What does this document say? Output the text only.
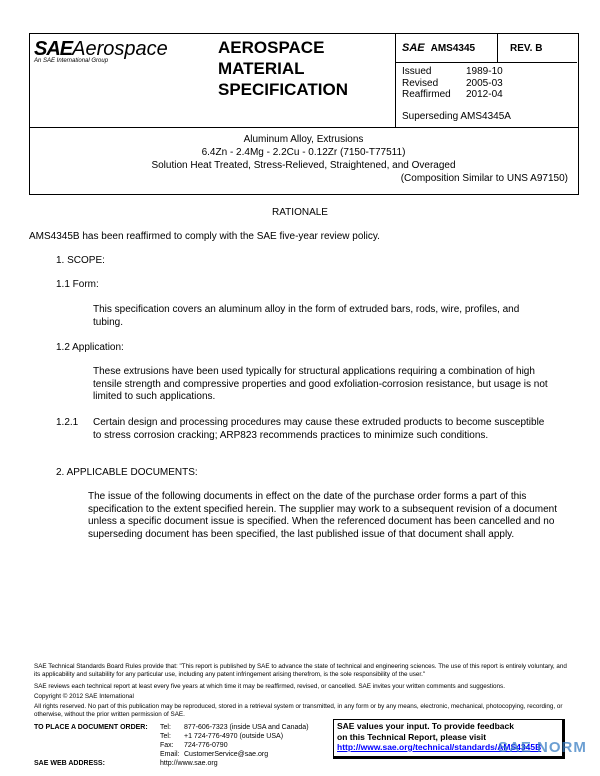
SAEAerospace
An SAE International Group
AEROSPACE
MATERIAL
SPECIFICATION
SAE AMS4345	REV. B
Issued	1989-10
Revised	2005-03
Reaffirmed 2012-04
Superseding AMS4345A
Aluminum Alloy, Extrusions
6.4Zn - 2.4Mg - 2.2Cu - 0.12Zr (7150-T77511)
Solution Heat Treated, Stress-Relieved, Straightened, and Overaged
(Composition Similar to UNS A97150)
RATIONALE
AMS4345B has been reaffirmed to comply with the SAE five-year review policy.
1. SCOPE:
1.1 Form:
This specification covers an aluminum alloy in the form of extruded bars, rods, wire, profiles, and tubing.
1.2 Application:
These extrusions have been used typically for structural applications requiring a combination of high tensile strength and compressive properties and good exfoliation-corrosion resistance, but usage is not limited to such applications.
1.2.1 Certain design and processing procedures may cause these extruded products to become susceptible to stress corrosion cracking; ARP823 recommends practices to minimize such conditions.
2. APPLICABLE DOCUMENTS:
The issue of the following documents in effect on the date of the purchase order forms a part of this specification to the extent specified herein. The supplier may work to a subsequent revision of a document unless a specific document issue is specified. When the referenced document has been cancelled and no superseding document has been specified, the last published issue of that document shall apply.
SAE Technical Standards Board Rules provide that: "This report is published by SAE to advance the state of technical and engineering sciences. The use of this report is entirely voluntary, and its applicability and suitability for any particular use, including any patent infringement arising therefrom, is the sole responsibility of the user."
SAE reviews each technical report at least every five years at which time it may be reaffirmed, revised, or cancelled. SAE invites your written comments and suggestions.
Copyright © 2012 SAE International
All rights reserved. No part of this publication may be reproduced, stored in a retrieval system or transmitted, in any form or by any means, electronic, mechanical, photocopying, recording, or otherwise, without the prior written permission of SAE.
TO PLACE A DOCUMENT ORDER: Tel: 877-606-7323 (inside USA and Canada)
Tel: +1 724-776-4970 (outside USA)
Fax: 724-776-0790
Email: CustomerService@sae.org
SAE WEB ADDRESS:	http://www.sae.org
SAE values your input. To provide feedback
on this Technical Report, please visit
http://www.sae.org/technical/standards/AMS4345B
SAE NORM
